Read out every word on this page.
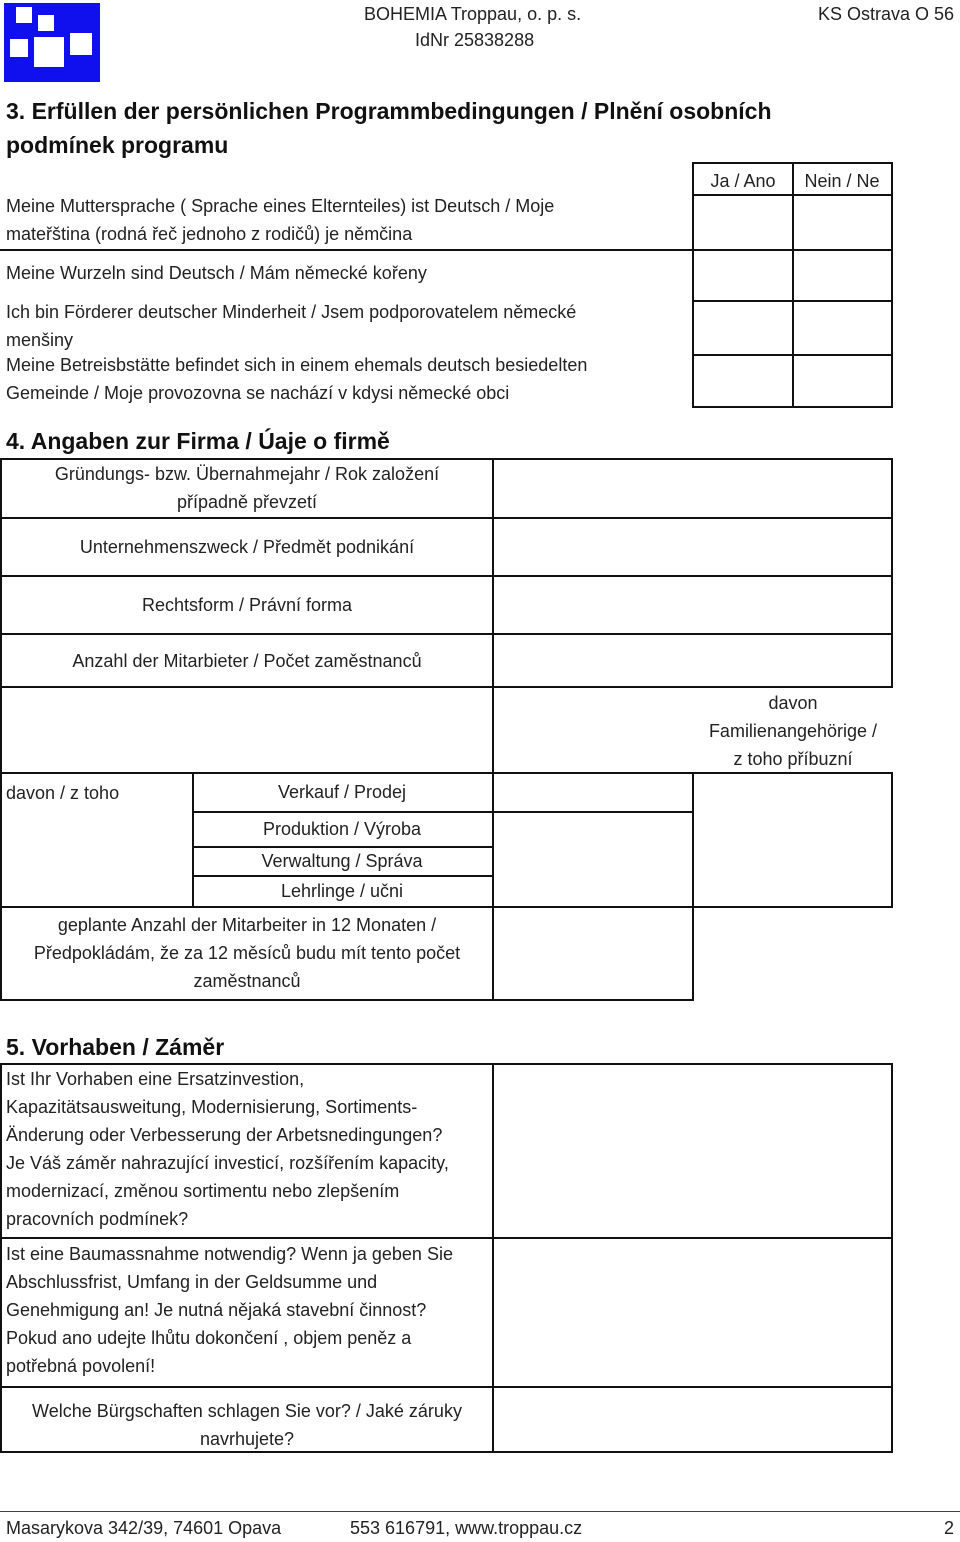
BOHEMIA Troppau, o. p. s.
IdNr 25838288
KS Ostrava O 56
3. Erfüllen der persönlichen Programmbedingungen / Plnění osobních
podmínek programu
Ja / Ano	Nein / Ne
Meine Muttersprache ( Sprache eines Elternteiles) ist Deutsch / Moje
mateřština (rodná řeč jednoho z rodičů) je němčina
Meine Wurzeln sind Deutsch / Mám německé kořeny
Ich bin Förderer deutscher Minderheit / Jsem podporovatelem německé
menšiny
Meine Betreisbstätte befindet sich in einem ehemals deutsch besiedelten
Gemeinde / Moje provozovna se nachází v kdysi německé obci
4. Angaben zur Firma / Úaje o firmě
Gründungs- bzw. Übernahmejahr / Rok založení
případně převzetí
Unternehmenszweck / Předmět podnikání
Rechtsform / Právní forma
Anzahl der Mitarbieter / Počet zaměstnanců
davon
Familienangehörige /
z toho příbuzní
davon / z toho	Verkauf / Prodej
Produktion / Výroba
Verwaltung / Správa
Lehrlinge / učni
geplante Anzahl der Mitarbeiter in 12 Monaten /
Předpokládám, že za 12 měsíců budu mít tento počet
zaměstnanců
5. Vorhaben / Záměr
Ist Ihr Vorhaben eine Ersatzinvestion,
Kapazitätsausweitung, Modernisierung, Sortiments-
Änderung oder Verbesserung der Arbetsnedingungen?
Je Váš záměr nahrazující investicí, rozšířením kapacity,
modernizací, změnou sortimentu nebo zlepšením
pracovních podmínek?
Ist eine Baumassnahme notwendig? Wenn ja geben Sie
Abschlussfrist, Umfang in der Geldsumme und
Genehmigung an! Je nutná nějaká stavební činnost?
Pokud ano udejte lhůtu dokončení , objem peněz a
potřebná povolení!
Welche Bürgschaften schlagen Sie vor? / Jaké záruky
navrhujete?
Masarykova 342/39, 74601 Opava	553 616791, www.troppau.cz	2
